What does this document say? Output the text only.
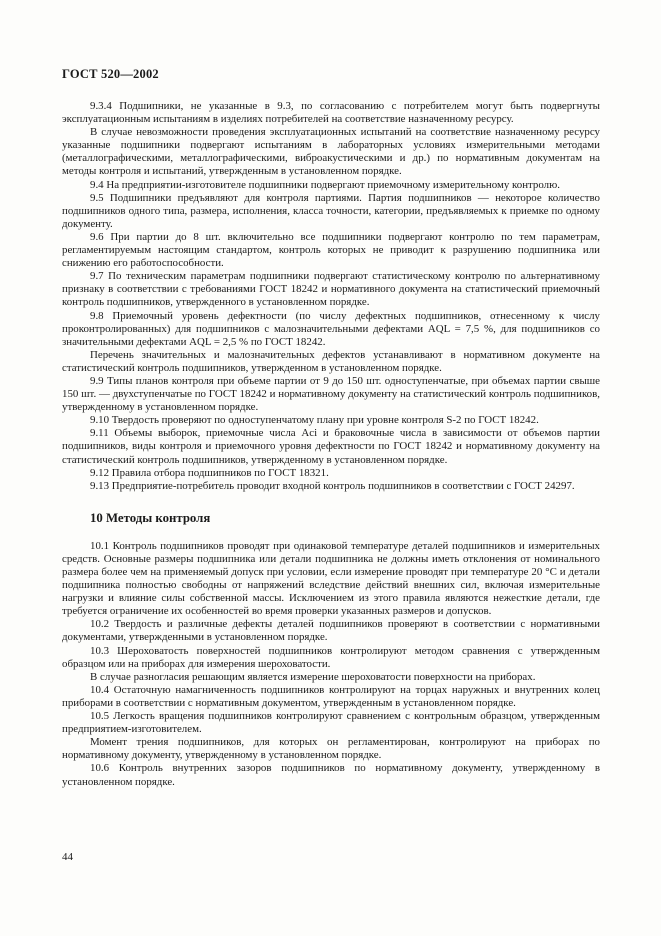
ГОСТ 520—2002

9.3.4 Подшипники, не указанные в 9.3, по согласованию с потребителем могут быть подвергнуты эксплуатационным испытаниям в изделиях потребителей на соответствие назначенному ресурсу.

В случае невозможности проведения эксплуатационных испытаний на соответствие назначенному ресурсу указанные подшипники подвергают испытаниям в лабораторных условиях измерительными методами (металлографическими, металлографическими, виброакустическими и др.) по нормативным документам на методы контроля и испытаний, утвержденным в установленном порядке.

9.4 На предприятии-изготовителе подшипники подвергают приемочному измерительному контролю.

9.5 Подшипники предъявляют для контроля партиями. Партия подшипников — некоторое количество подшипников одного типа, размера, исполнения, класса точности, категории, предъявляемых к приемке по одному документу.

9.6 При партии до 8 шт. включительно все подшипники подвергают контролю по тем параметрам, регламентируемым настоящим стандартом, контроль которых не приводит к разрушению подшипника или снижению его работоспособности.

9.7 По техническим параметрам подшипники подвергают статистическому контролю по альтернативному признаку в соответствии с требованиями ГОСТ 18242 и нормативного документа на статистический приемочный контроль подшипников, утвержденного в установленном порядке.

9.8 Приемочный уровень дефектности (по числу дефектных подшипников, отнесенному к числу проконтролированных) для подшипников с малозначительными дефектами AQL = 7,5 %, для подшипников со значительными дефектами AQL = 2,5 % по ГОСТ 18242.

Перечень значительных и малозначительных дефектов устанавливают в нормативном документе на статистический контроль подшипников, утвержденном в установленном порядке.

9.9 Типы планов контроля при объеме партии от 9 до 150 шт. одноступенчатые, при объемах партии свыше 150 шт. — двухступенчатые по ГОСТ 18242 и нормативному документу на статистический контроль подшипников, утвержденному в установленном порядке.

9.10 Твердость проверяют по одноступенчатому плану при уровне контроля S-2 по ГОСТ 18242.

9.11 Объемы выборок, приемочные числа Aci и браковочные числа в зависимости от объемов партии подшипников, виды контроля и приемочного уровня дефектности по ГОСТ 18242 и нормативному документу на статистический контроль подшипников, утвержденному в установленном порядке.

9.12 Правила отбора подшипников по ГОСТ 18321.

9.13 Предприятие-потребитель проводит входной контроль подшипников в соответствии с ГОСТ 24297.

10 Методы контроля

10.1 Контроль подшипников проводят при одинаковой температуре деталей подшипников и измерительных средств. Основные размеры подшипника или детали подшипника не должны иметь отклонения от номинального размера более чем на применяемый допуск при условии, если измерение проводят при температуре 20 °С и детали подшипника полностью свободны от напряжений вследствие действий внешних сил, включая измерительные нагрузки и влияние силы собственной массы. Исключением из этого правила являются нежесткие детали, где требуется ограничение их особенностей во время проверки указанных размеров и допусков.

10.2 Твердость и различные дефекты деталей подшипников проверяют в соответствии с нормативными документами, утвержденными в установленном порядке.

10.3 Шероховатость поверхностей подшипников контролируют методом сравнения с утвержденным образцом или на приборах для измерения шероховатости.

В случае разногласия решающим является измерение шероховатости поверхности на приборах.

10.4 Остаточную намагниченность подшипников контролируют на торцах наружных и внутренних колец приборами в соответствии с нормативным документом, утвержденным в установленном порядке.

10.5 Легкость вращения подшипников контролируют сравнением с контрольным образцом, утвержденным предприятием-изготовителем.

Момент трения подшипников, для которых он регламентирован, контролируют на приборах по нормативному документу, утвержденному в установленном порядке.

10.6 Контроль внутренних зазоров подшипников по нормативному документу, утвержденному в установленном порядке.

44
